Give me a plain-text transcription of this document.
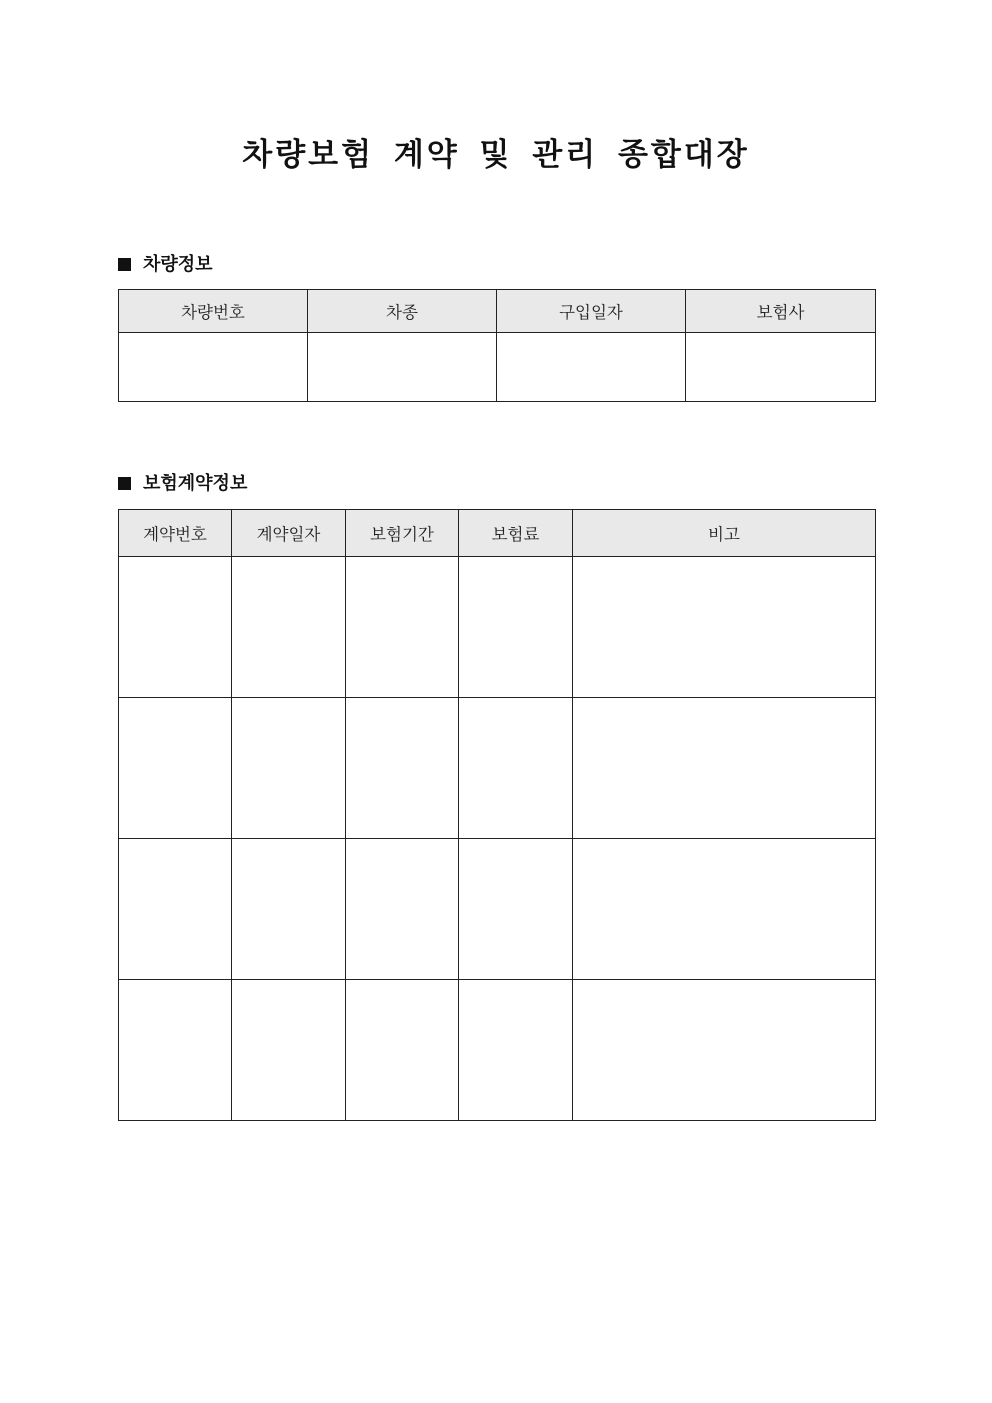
차량보험 계약 및 관리 종합대장
차량정보
차량번호	차종	구입일자	보험사

보험계약정보
계약번호	계약일자	보험기간	보험료	비고
